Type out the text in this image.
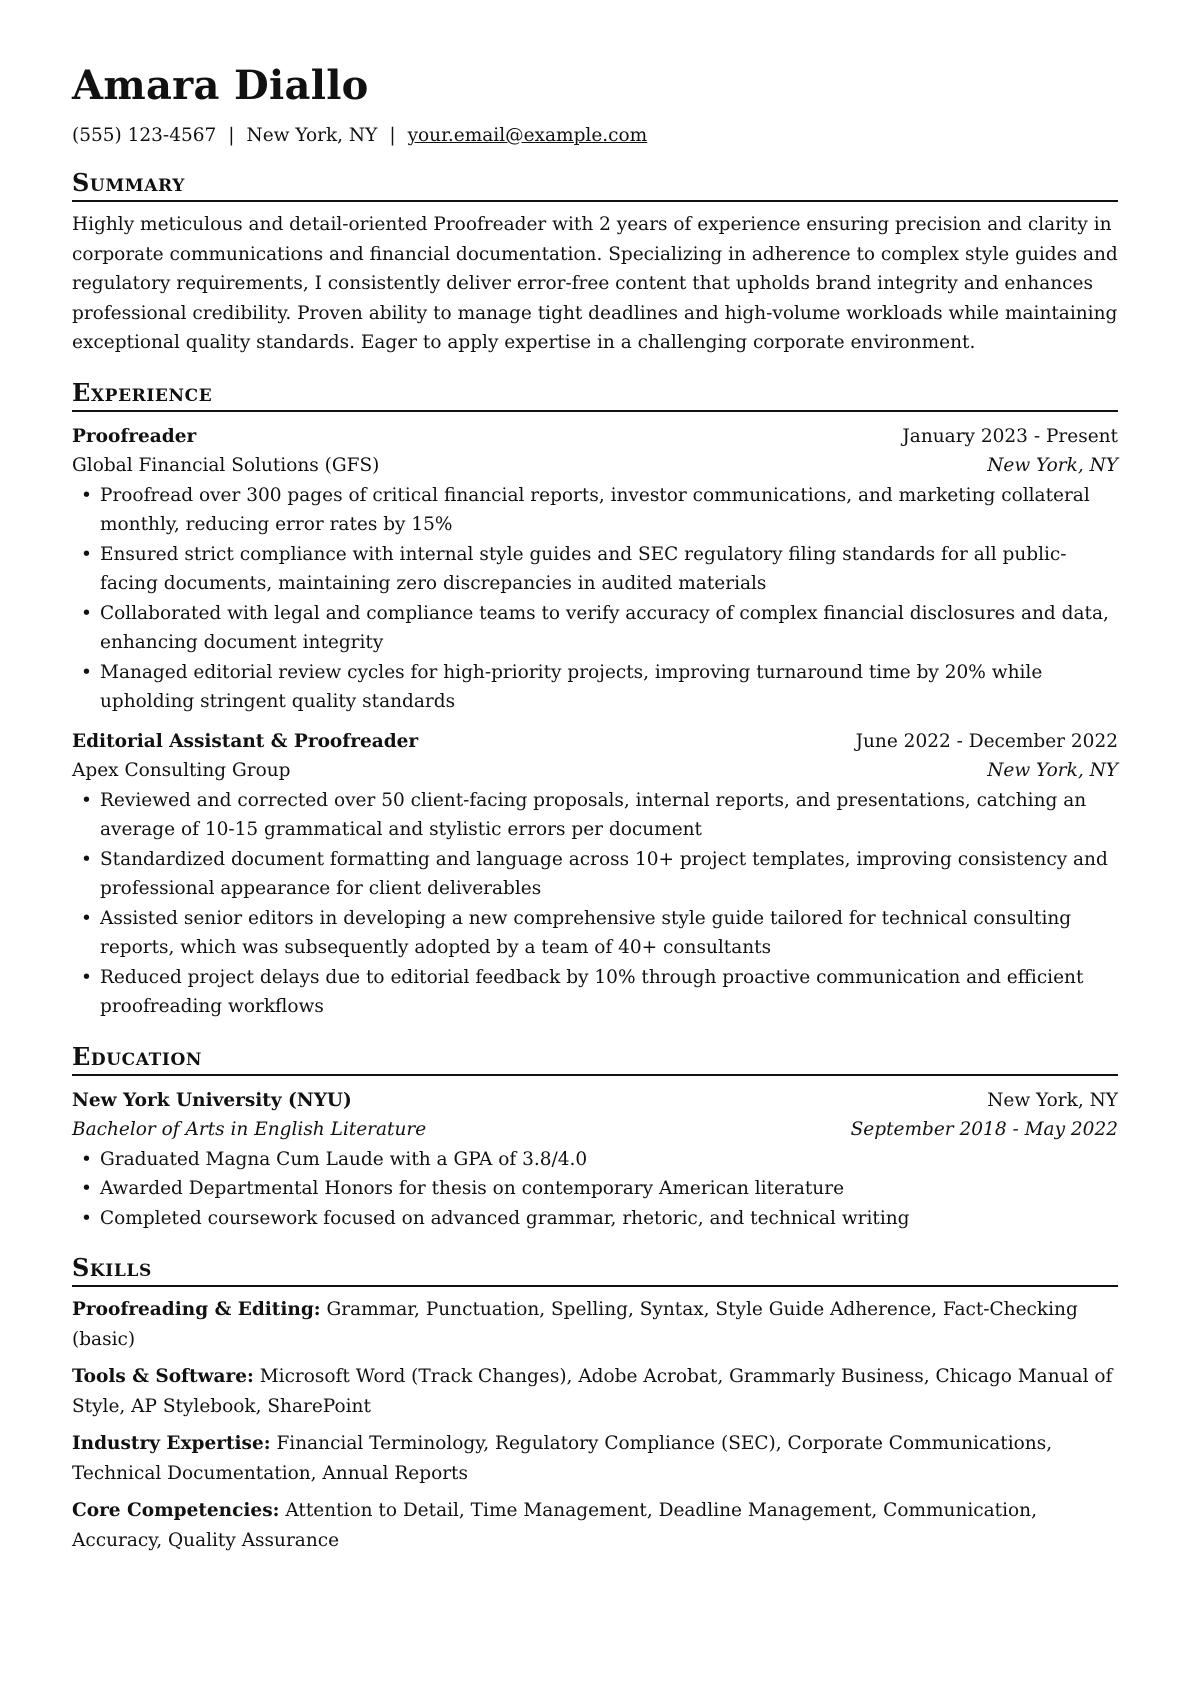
Amara Diallo
(555) 123-4567 | New York, NY | your.email@example.com
Summary
Highly meticulous and detail-oriented Proofreader with 2 years of experience ensuring precision and clarity in corporate communications and financial documentation. Specializing in adherence to complex style guides and regulatory requirements, I consistently deliver error-free content that upholds brand integrity and enhances professional credibility. Proven ability to manage tight deadlines and high-volume workloads while maintaining exceptional quality standards. Eager to apply expertise in a challenging corporate environment.
Experience
Proofreader	January 2023 - Present
Global Financial Solutions (GFS)	New York, NY
• Proofread over 300 pages of critical financial reports, investor communications, and marketing collateral monthly, reducing error rates by 15%
• Ensured strict compliance with internal style guides and SEC regulatory filing standards for all public-facing documents, maintaining zero discrepancies in audited materials
• Collaborated with legal and compliance teams to verify accuracy of complex financial disclosures and data, enhancing document integrity
• Managed editorial review cycles for high-priority projects, improving turnaround time by 20% while upholding stringent quality standards
Editorial Assistant & Proofreader	June 2022 - December 2022
Apex Consulting Group	New York, NY
• Reviewed and corrected over 50 client-facing proposals, internal reports, and presentations, catching an average of 10-15 grammatical and stylistic errors per document
• Standardized document formatting and language across 10+ project templates, improving consistency and professional appearance for client deliverables
• Assisted senior editors in developing a new comprehensive style guide tailored for technical consulting reports, which was subsequently adopted by a team of 40+ consultants
• Reduced project delays due to editorial feedback by 10% through proactive communication and efficient proofreading workflows
Education
New York University (NYU)	New York, NY
Bachelor of Arts in English Literature	September 2018 - May 2022
• Graduated Magna Cum Laude with a GPA of 3.8/4.0
• Awarded Departmental Honors for thesis on contemporary American literature
• Completed coursework focused on advanced grammar, rhetoric, and technical writing
Skills
Proofreading & Editing: Grammar, Punctuation, Spelling, Syntax, Style Guide Adherence, Fact-Checking (basic)
Tools & Software: Microsoft Word (Track Changes), Adobe Acrobat, Grammarly Business, Chicago Manual of Style, AP Stylebook, SharePoint
Industry Expertise: Financial Terminology, Regulatory Compliance (SEC), Corporate Communications, Technical Documentation, Annual Reports
Core Competencies: Attention to Detail, Time Management, Deadline Management, Communication, Accuracy, Quality Assurance
